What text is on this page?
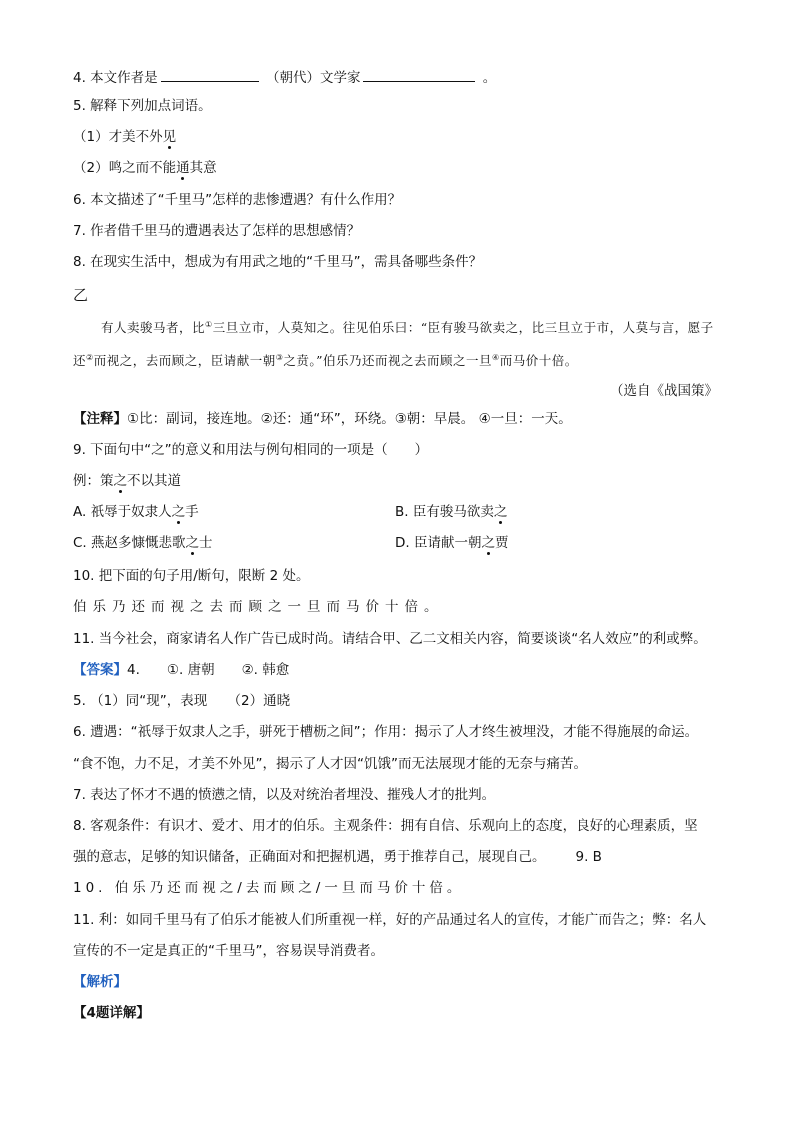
4. 本文作者是	（朝代）文学家	。
5. 解释下列加点词语。
（1）才美不外见
（2）鸣之而不能通其意
6. 本文描述了“千里马”怎样的悲惨遭遇？有什么作用？
7. 作者借千里马的遭遇表达了怎样的思想感情？
8. 在现实生活中，想成为有用武之地的“千里马”，需具备哪些条件？
乙
有人卖骏马者，比①三旦立市，人莫知之。往见伯乐曰：“臣有骏马欲卖之，比三旦立于市，人莫与言，愿子还②而视之，去而顾之，臣请献一朝③之贲。”伯乐乃还而视之去而顾之一旦④而马价十倍。
（选自《战国策》
【注释】①比：副词，接连地。②还：通“环”，环绕。③朝：早晨。 ④一旦：一天。
9. 下面句中“之”的意义和用法与例句相同的一项是（　　）
例：策之不以其道
A. 祇辱于奴隶人之手	B. 臣有骏马欲卖之
C. 燕赵多慷慨悲歌之士	D. 臣请献一朝之贾
10. 把下面的句子用/断句，限断 2 处。
伯乐乃还而视之去而顾之一旦而马价十倍。
11. 当今社会，商家请名人作广告已成时尚。请结合甲、乙二文相关内容，简要谈谈“名人效应”的利或弊。
【答案】4.　　①. 唐朝　　②. 韩愈
5. （1）同“现”，表现　　（2）通晓
6. 遭遇：“祇辱于奴隶人之手，骈死于槽枥之间”；作用：揭示了人才终生被埋没，才能不得施展的命运。
“食不饱，力不足，才美不外见”，揭示了人才因“饥饿”而无法展现才能的无奈与痛苦。
7. 表达了怀才不遇的愤懑之情，以及对统治者埋没、摧残人才的批判。
8. 客观条件：有识才、爱才、用才的伯乐。主观条件：拥有自信、乐观向上的态度，良好的心理素质，坚
强的意志，足够的知识储备，正确面对和把握机遇，勇于推荐自己，展现自己。 9. B
10. 伯乐乃还而视之/去而顾之/一旦而马价十倍。
11. 利：如同千里马有了伯乐才能被人们所重视一样，好的产品通过名人的宣传，才能广而告之；弊：名人
宣传的不一定是真正的“千里马”，容易误导消费者。
【解析】
【4题详解】
